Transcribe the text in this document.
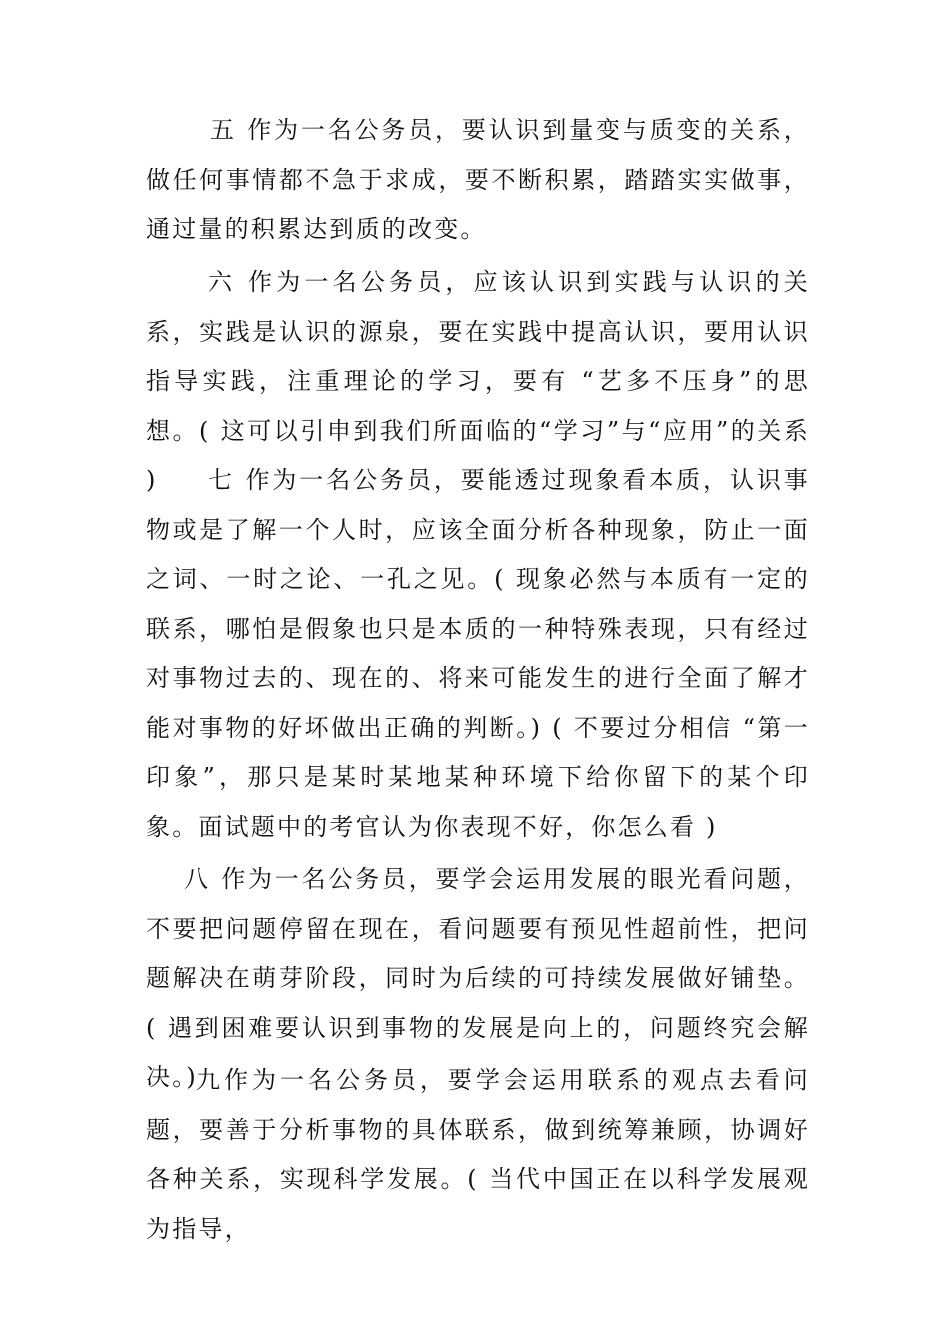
五 作为一名公务员，要认识到量变与质变的关系，做任何事情都不急于求成，要不断积累，踏踏实实做事，通过量的积累达到质的改变。

六 作为一名公务员，应该认识到实践与认识的关系，实践是认识的源泉，要在实践中提高认识，要用认识指导实践，注重理论的学习，要有 “艺多不压身”的思想。( 这可以引申到我们所面临的“学习”与“应用”的关系 )	七 作为一名公务员，要能透过现象看本质，认识事物或是了解一个人时，应该全面分析各种现象，防止一面之词、一时之论、一孔之见。( 现象必然与本质有一定的联系，哪怕是假象也只是本质的一种特殊表现，只有经过对事物过去的、现在的、将来可能发生的进行全面了解才能对事物的好坏做出正确的判断。) ( 不要过分相信 “第一印象”，那只是某时某地某种环境下给你留下的某个印象。面试题中的考官认为你表现不好，你怎么看 )

八 作为一名公务员，要学会运用发展的眼光看问题，不要把问题停留在现在，看问题要有预见性超前性，把问题解决在萌芽阶段，同时为后续的可持续发展做好铺垫。( 遇到困难要认识到事物的发展是向上的，问题终究会解决。)

九作为一名公务员，要学会运用联系的观点去看问题，要善于分析事物的具体联系，做到统筹兼顾，协调好各种关系，实现科学发展。( 当代中国正在以科学发展观为指导，
